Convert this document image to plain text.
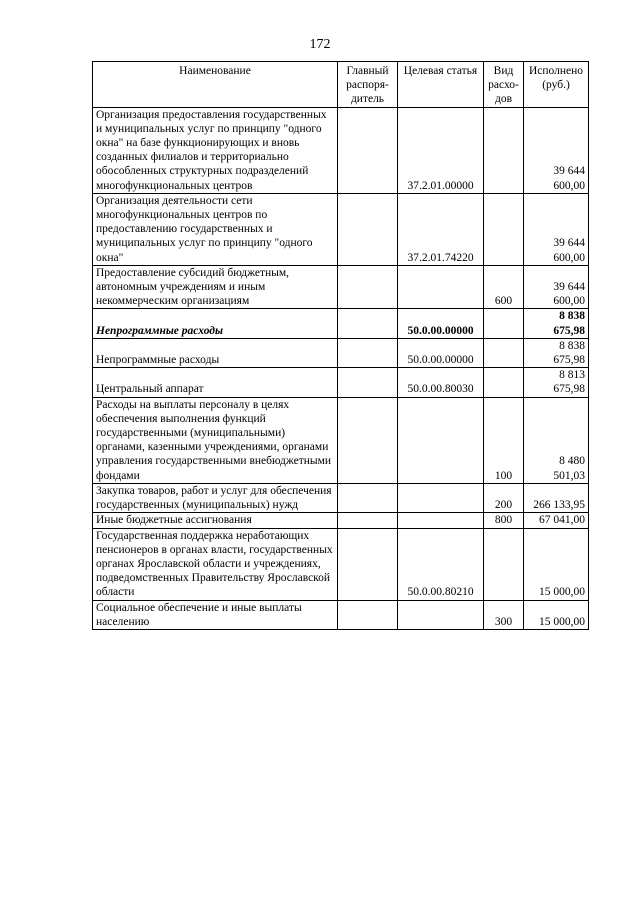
172
Наименование	Главный распоря-дитель	Целевая статья	Вид расхо-дов	Исполнено (руб.)
Организация предоставления государственных и муниципальных услуг по принципу "одного окна" на базе функционирующих и вновь созданных филиалов и территориально обособленных структурных подразделений многофункциональных центров		37.2.01.00000		39 644 600,00
Организация деятельности сети многофункциональных центров по предоставлению государственных и муниципальных услуг по принципу "одного окна"		37.2.01.74220		39 644 600,00
Предоставление субсидий бюджетным, автономным учреждениям и иным некоммерческим организациям			600	39 644 600,00
Непрограммные расходы		50.0.00.00000		8 838 675,98
Непрограммные расходы		50.0.00.00000		8 838 675,98
Центральный аппарат		50.0.00.80030		8 813 675,98
Расходы на выплаты персоналу в целях обеспечения выполнения функций государственными (муниципальными) органами, казенными учреждениями, органами управления государственными внебюджетными фондами			100	8 480 501,03
Закупка товаров, работ и услуг для обеспечения государственных (муниципальных) нужд			200	266 133,95
Иные бюджетные ассигнования			800	67 041,00
Государственная поддержка неработающих пенсионеров в органах власти, государственных органах Ярославской области и учреждениях, подведомственных Правительству Ярославской области		50.0.00.80210		15 000,00
Социальное обеспечение и иные выплаты населению			300	15 000,00
